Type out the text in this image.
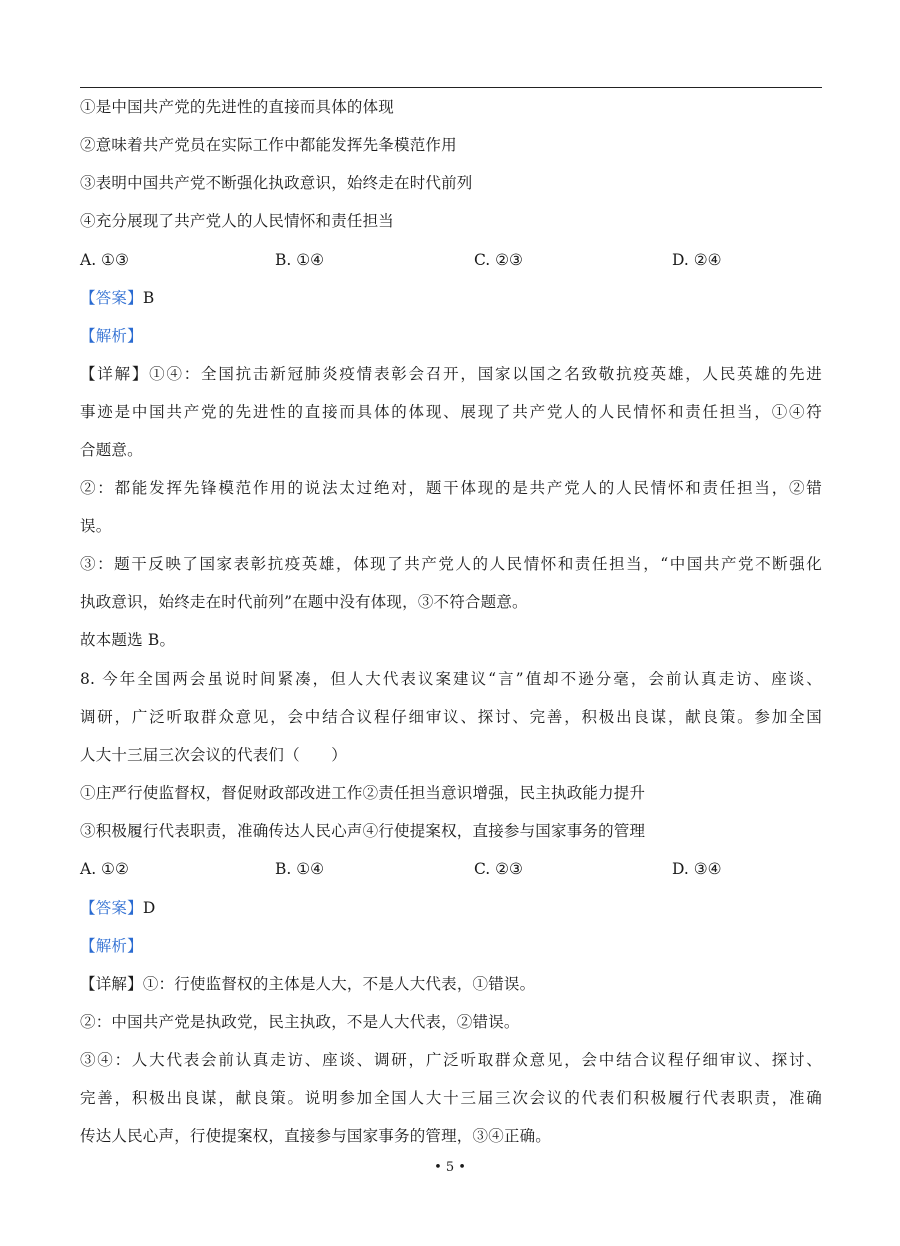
①是中国共产党的先进性的直接而具体的体现
②意味着共产党员在实际工作中都能发挥先夆模范作用
③表明中国共产党不断强化执政意识，始终走在时代前列
④充分展现了共产党人的人民情怀和责任担当
A. ①③	B. ①④	C. ②③	D. ②④
【答案】B
【解析】
【详解】①④：全国抗击新冠肺炎疫情表彰会召开，国家以国之名致敬抗疫英雄，人民英雄的先进
事迹是中国共产党的先进性的直接而具体的体现、展现了共产党人的人民情怀和责任担当，①④符
合题意。
②：都能发挥先锋模范作用的说法太过绝对，题干体现的是共产党人的人民情怀和责任担当，②错
误。
③：题干反映了国家表彰抗疫英雄，体现了共产党人的人民情怀和责任担当，“中国共产党不断强化
执政意识，始终走在时代前列”在题中没有体现，③不符合题意。
故本题选 B。
8. 今年全国两会虽说时间紧凑，但人大代表议案建议“言”值却不逊分毫，会前认真走访、座谈、
调研，广泛听取群众意见，会中结合议程仔细审议、探讨、完善，积极出良谋，献良策。参加全国
人大十三届三次会议的代表们（　　）
①庄严行使监督权，督促财政部改进工作②责任担当意识增强，民主执政能力提升
③积极履行代表职责，准确传达人民心声④行使提案权，直接参与国家事务的管理
A. ①②	B. ①④	C. ②③	D. ③④
【答案】D
【解析】
【详解】①：行使监督权的主体是人大，不是人大代表，①错误。
②：中国共产党是执政党，民主执政，不是人大代表，②错误。
③④：人大代表会前认真走访、座谈、调研，广泛听取群众意见，会中结合议程仔细审议、探讨、
完善，积极出良谋，献良策。说明参加全国人大十三届三次会议的代表们积极履行代表职责，准确
传达人民心声，行使提案权，直接参与国家事务的管理，③④正确。
• 5 •
